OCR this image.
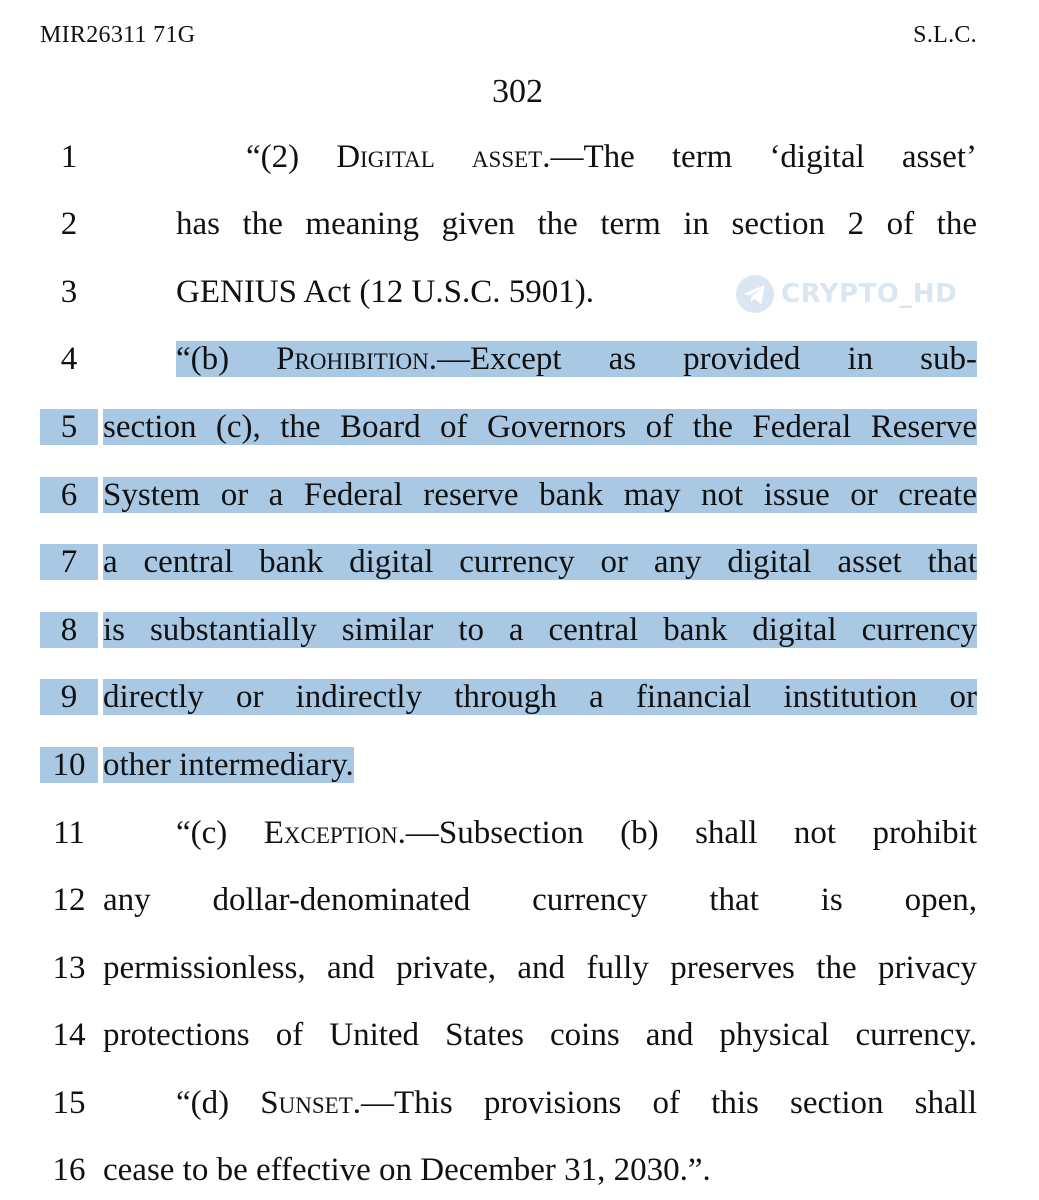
MIR26311 71G	S.L.C.
302
CRYPTO_HD
1	“(2) Digital asset.—The term ‘digital asset’
2	has the meaning given the term in section 2 of the
3	GENIUS Act (12 U.S.C. 5901).
4	“(b) Prohibition.—Except as provided in sub-
5 section (c), the Board of Governors of the Federal Reserve
6 System or a Federal reserve bank may not issue or create
7 a central bank digital currency or any digital asset that
8 is substantially similar to a central bank digital currency
9 directly or indirectly through a financial institution or
10 other intermediary.
11	“(c) Exception.—Subsection (b) shall not prohibit
12 any dollar-denominated currency that is open,
13 permissionless, and private, and fully preserves the privacy
14 protections of United States coins and physical currency.
15	“(d) Sunset.—This provisions of this section shall
16 cease to be effective on December 31, 2030.”.
